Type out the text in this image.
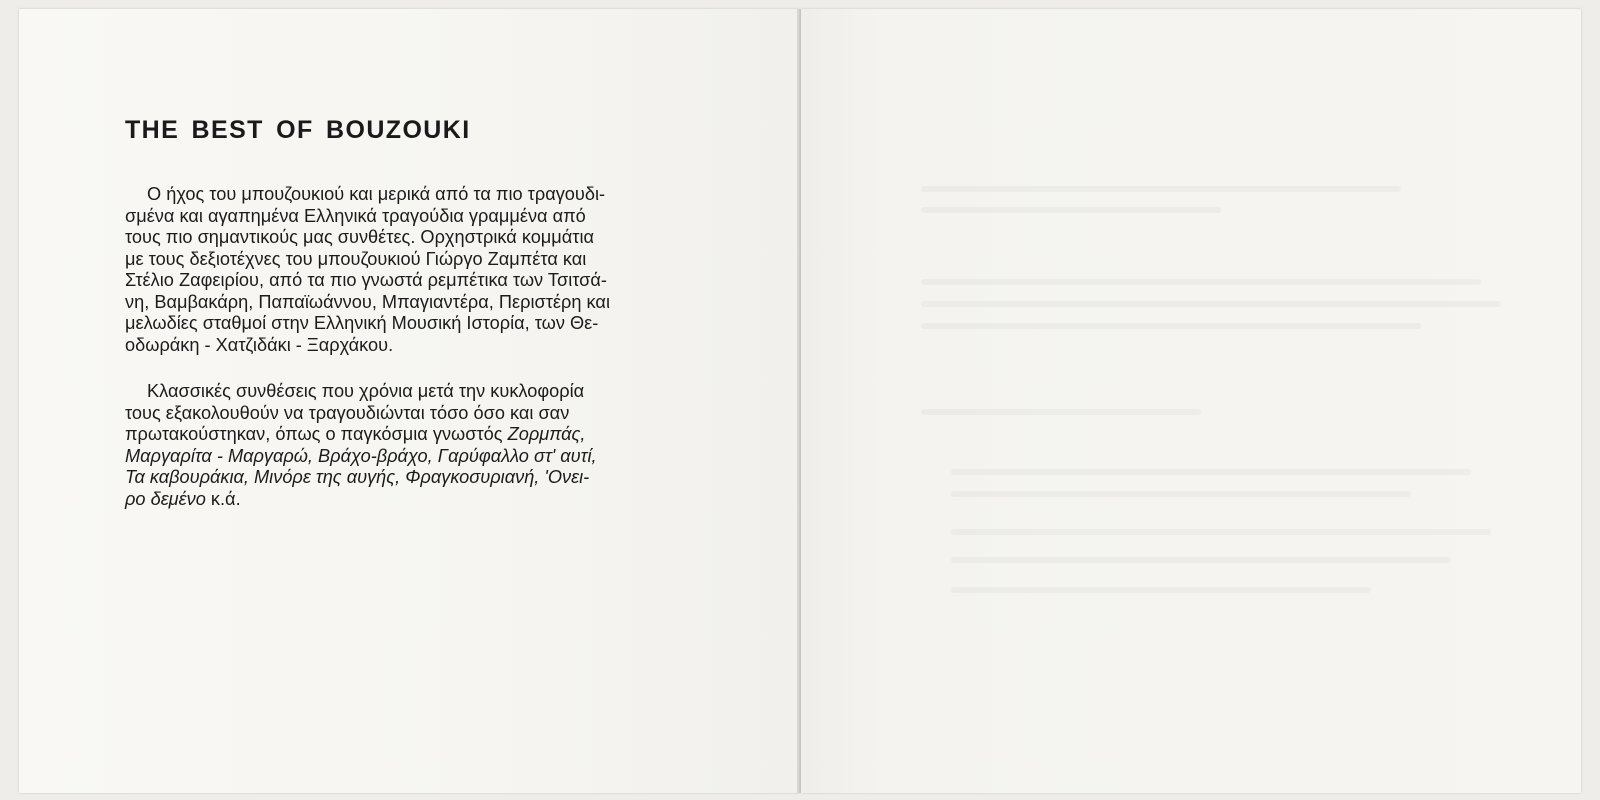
THE BEST OF BOUZOUKI

Ο ήχος του μπουζουκιού και μερικά από τα πιο τραγουδι-
σμένα και αγαπημένα Ελληνικά τραγούδια γραμμένα από
τους πιο σημαντικούς μας συνθέτες. Ορχηστρικά κομμάτια
με τους δεξιοτέχνες του μπουζουκιού Γιώργο Ζαμπέτα και
Στέλιο Ζαφειρίου, από τα πιο γνωστά ρεμπέτικα των Τσιτσά-
νη, Βαμβακάρη, Παπαϊωάννου, Μπαγιαντέρα, Περιστέρη και
μελωδίες σταθμοί στην Ελληνική Μουσική Ιστορία, των Θε-
οδωράκη - Χατζιδάκι - Ξαρχάκου.

Κλασσικές συνθέσεις που χρόνια μετά την κυκλοφορία
τους εξακολουθούν να τραγουδιώνται τόσο όσο και σαν
πρωτακούστηκαν, όπως ο παγκόσμια γνωστός Ζορμπάς,
Μαργαρίτα - Μαργαρώ, Βράχο-βράχο, Γαρύφαλλο στ' αυτί,
Τα καβουράκια, Μινόρε της αυγής, Φραγκοσυριανή, 'Ονει-
ρο δεμένο κ.ά.
